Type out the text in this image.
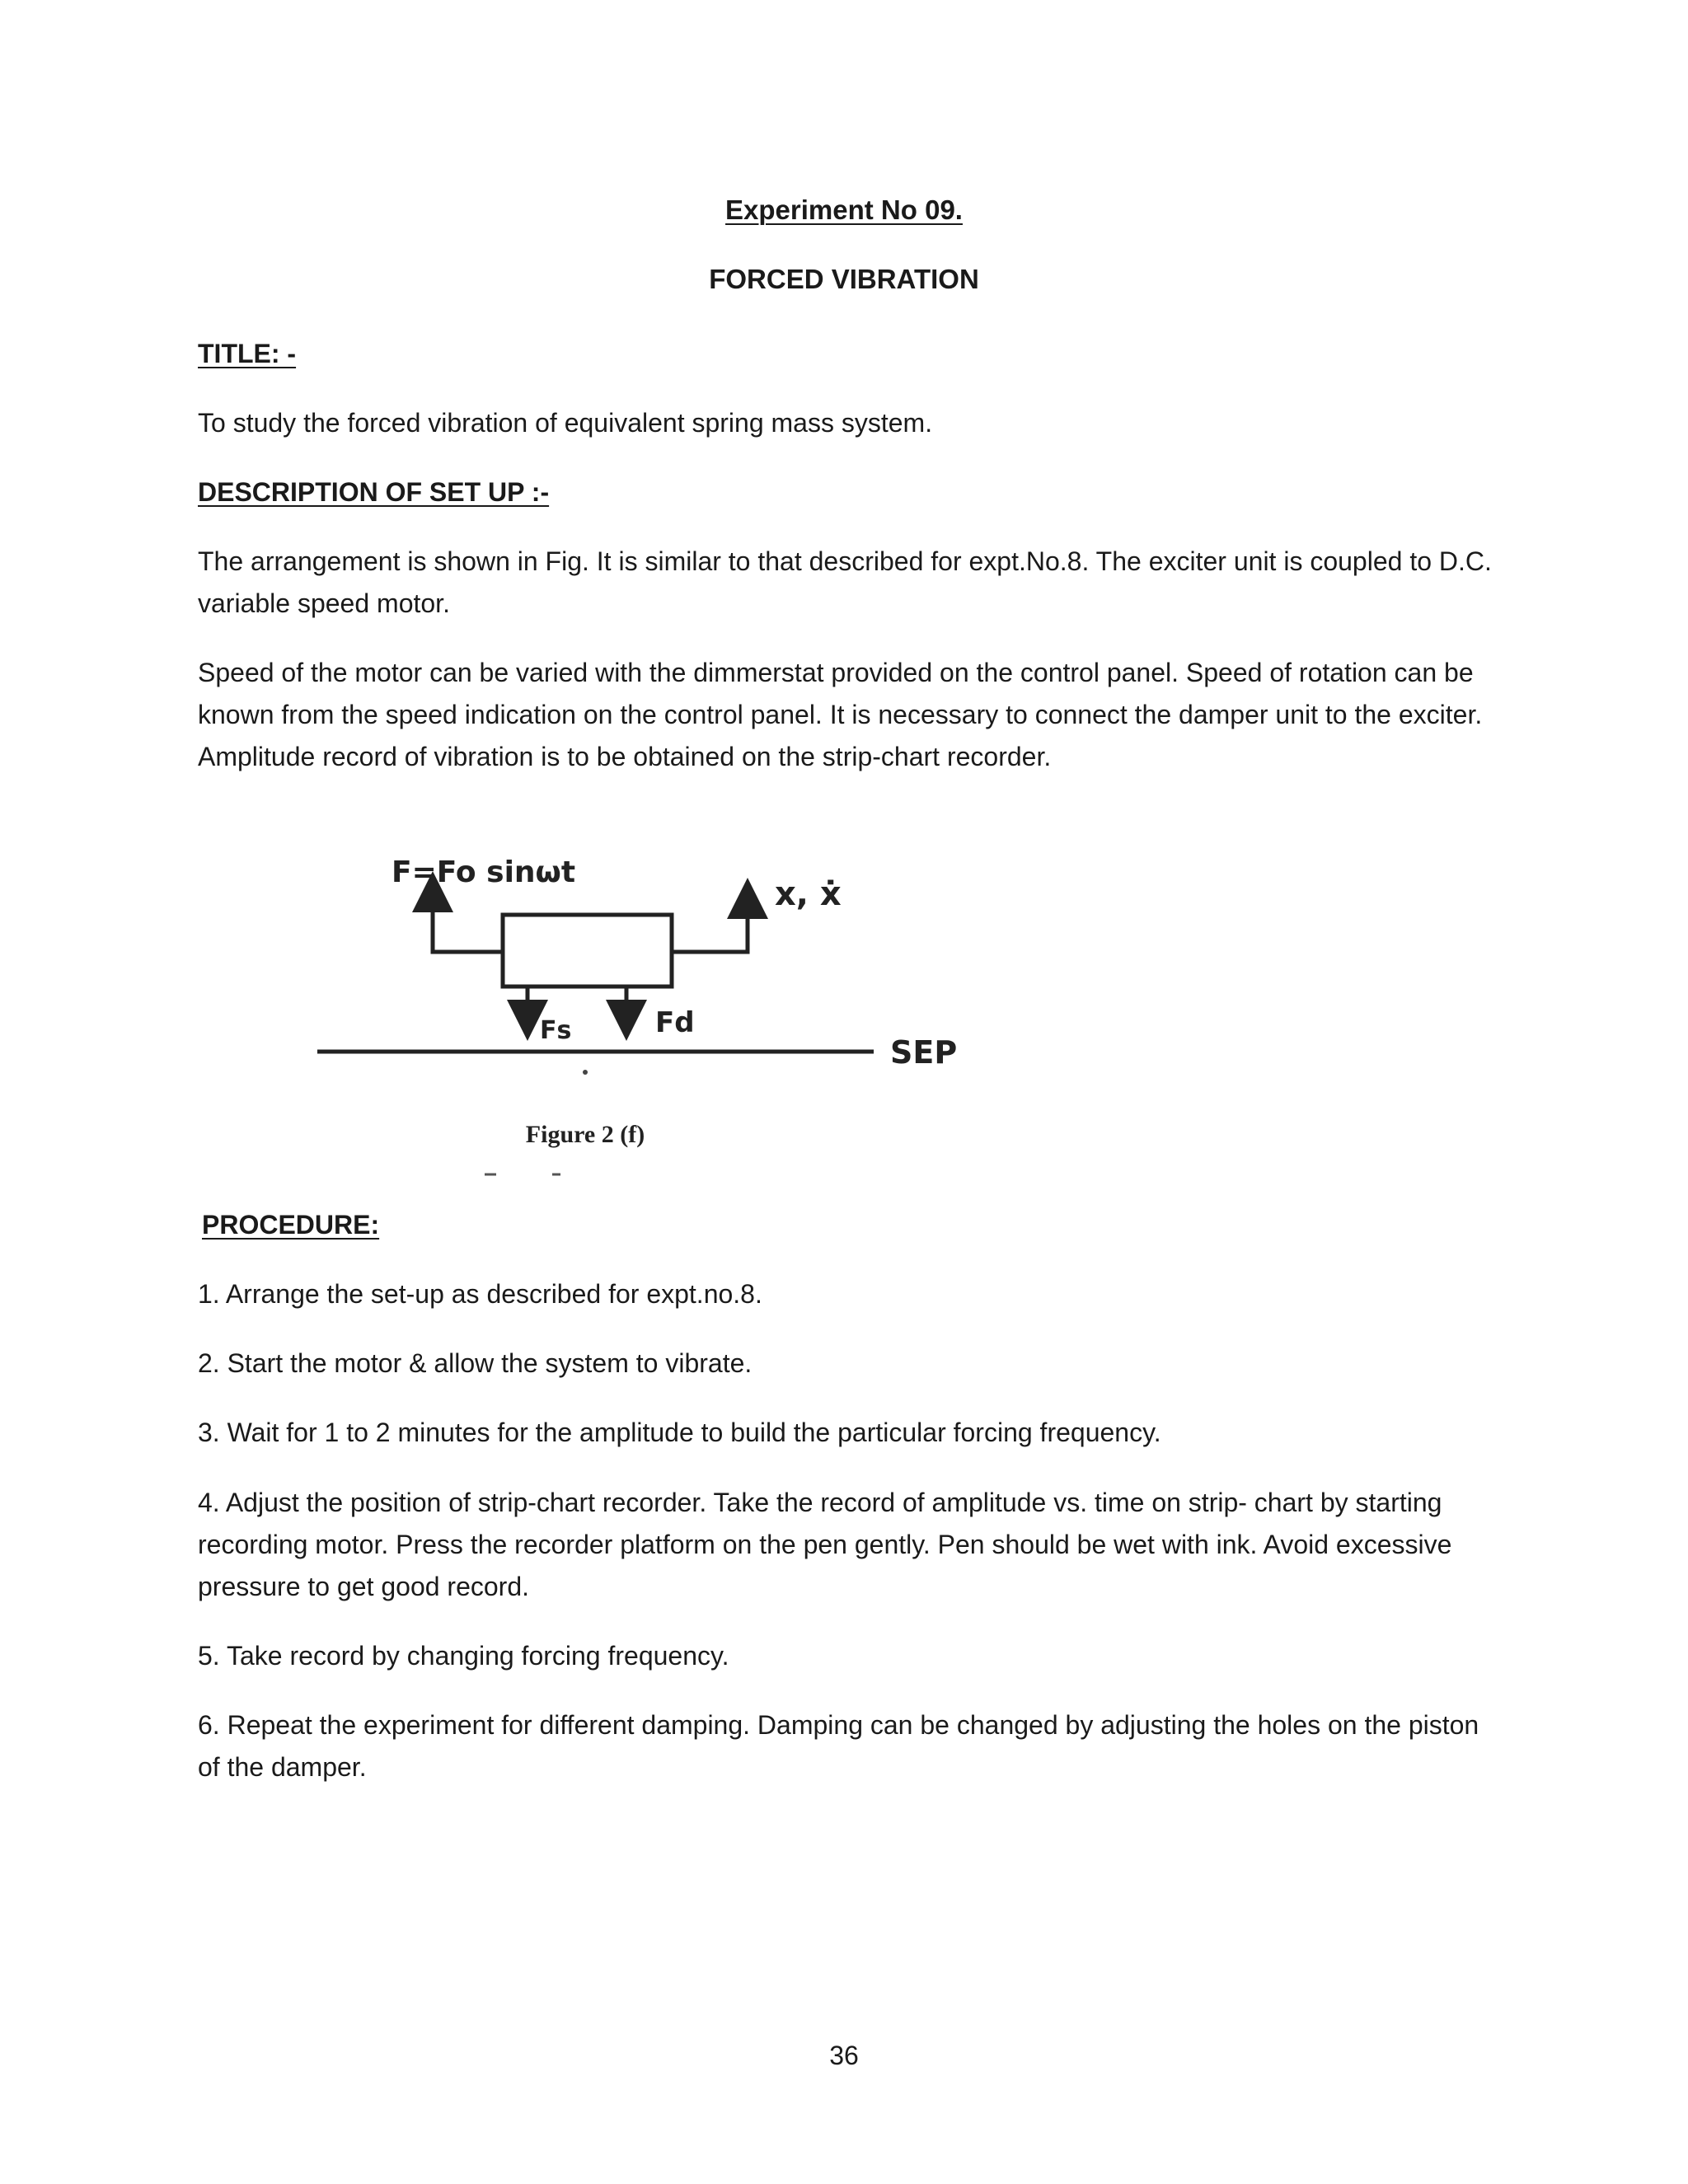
Experiment No 09.

FORCED VIBRATION

TITLE: -

To study the forced vibration of equivalent spring mass system.

DESCRIPTION OF SET UP :-

The arrangement is shown in Fig. It is similar to that described for expt.No.8. The exciter unit is coupled to D.C. variable speed motor.

Speed of the motor can be varied with the dimmerstat provided on the control panel. Speed of rotation can be known from the speed indication on the control panel. It is necessary to connect the damper unit to the exciter. Amplitude record of vibration is to be obtained on the strip-chart recorder.

F=Fo sinωt
x, ẋ
Fs	Fd
SEP
Figure 2 (f)

PROCEDURE:

1. Arrange the set-up as described for expt.no.8.

2. Start the motor & allow the system to vibrate.

3. Wait for 1 to 2 minutes for the amplitude to build the particular forcing frequency.

4. Adjust the position of strip-chart recorder. Take the record of amplitude vs. time on strip- chart by starting recording motor. Press the recorder platform on the pen gently. Pen should be wet with ink. Avoid excessive pressure to get good record.

5. Take record by changing forcing frequency.

6. Repeat the experiment for different damping. Damping can be changed by adjusting the holes on the piston of the damper.

36
